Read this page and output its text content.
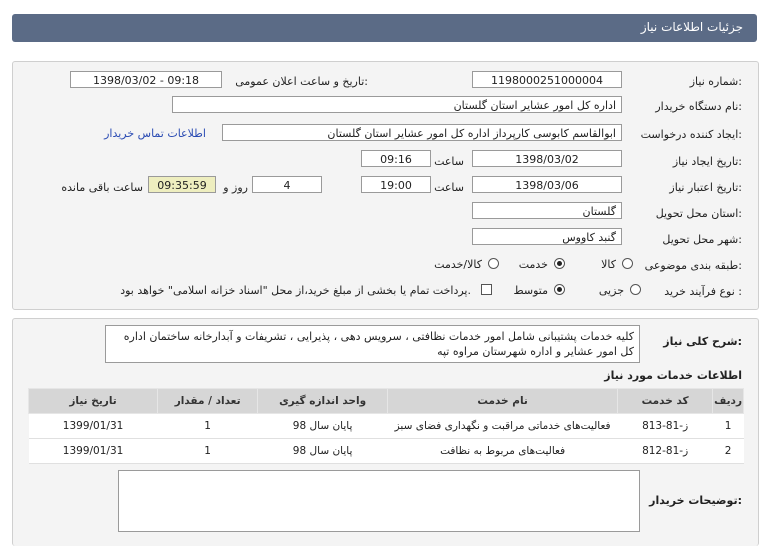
جزئیات اطلاعات نیاز
شماره نیاز:
1198000251000004
تاریخ و ساعت اعلان عمومی:
1398/03/02 - 09:18
نام دستگاه خریدار:
اداره کل امور عشایر استان گلستان
ایجاد کننده درخواست:
ابوالقاسم کابوسی کارپرداز اداره کل امور عشایر استان گلستان
اطلاعات تماس خریدار
تاریخ ایجاد نیاز:
1398/03/02
ساعت
09:16
تاریخ اعتبار نیاز:
1398/03/06
ساعت
19:00
4
روز و
09:35:59
ساعت باقی مانده
استان محل تحویل:
گلستان
شهر محل تحویل:
گنبد کاووس
طبقه بندی موضوعی:
کالا
خدمت
کالا/خدمت
نوع فرآیند خرید :
جزیی
متوسط
پرداخت تمام یا بخشی از مبلغ خرید،از محل "اسناد خزانه اسلامی" خواهد بود.
شرح کلی نیاز:
کلیه خدمات پشتیبانی شامل امور خدمات نظافتی ، سرویس دهی ، پذیرایی ، تشریفات و آبدارخانه ساختمان اداره کل امور عشایر و اداره شهرستان مراوه تپه
اطلاعات خدمات مورد نیاز
ردیف	کد خدمت	نام خدمت	واحد اندازه گیری	تعداد / مقدار	تاریخ نیاز
1	ز-81-813	فعالیت‌های خدماتی مراقبت و نگهداری فضای سبز	پایان سال 98	1	1399/01/31
2	ز-81-812	فعالیت‌های مربوط به نظافت	پایان سال 98	1	1399/01/31
توضیحات خریدار:
